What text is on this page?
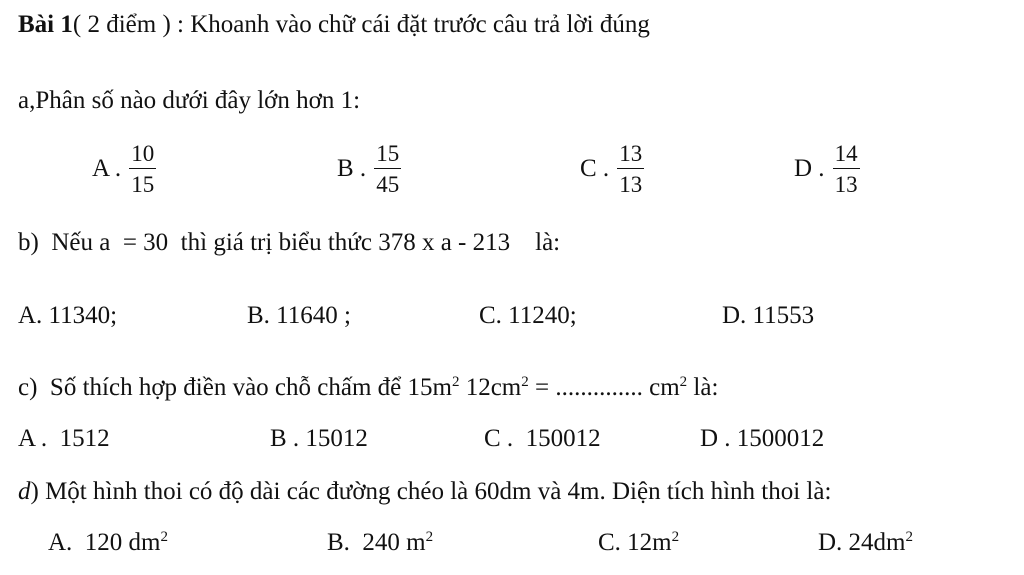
Bài 1( 2 điểm ) : Khoanh vào chữ cái đặt trước câu trả lời đúng
a,Phân số nào dưới đây lớn hơn 1:
A . $\frac{10}{15}$	B . $\frac{15}{45}$	C . $\frac{13}{13}$	D . $\frac{14}{13}$
b)  Nếu a  = 30  thì giá trị biểu thức 378 x a - 213    là:
A. 11340;	B. 11640 ;	C. 11240;	D. 11553
c)  Số thích hợp điền vào chỗ chấm để $15m^2$ $12cm^2$ = .............. $cm^2$ là:
A .  1512	B . 15012	C .  150012	D . 1500012
d) Một hình thoi có độ dài các đường chéo là 60dm và 4m. Diện tích hình thoi là:
A.  120 $dm^2$	B.  240 $m^2$	C. $12m^2$	D. $24dm^2$
